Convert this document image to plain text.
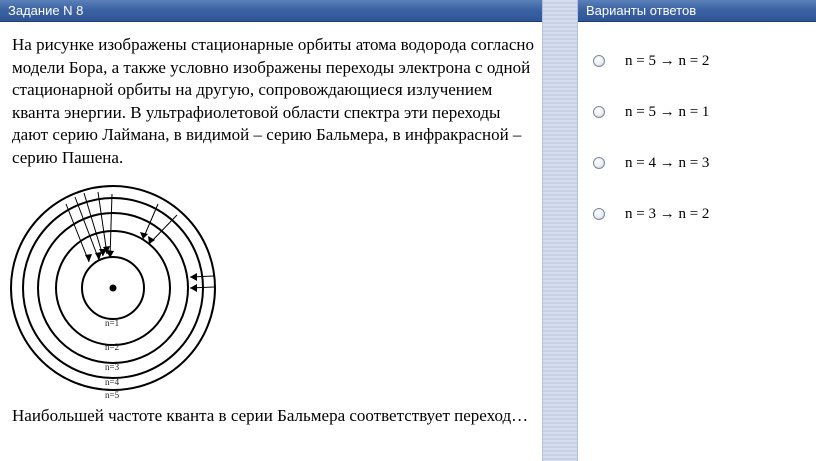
Задание N 8	Варианты ответов
На рисунке изображены стационарные орбиты атома водорода согласно модели Бора, а также условно изображены переходы электрона с одной стационарной орбиты на другую, сопровождающиеся излучением кванта энергии. В ультрафиолетовой области спектра эти переходы дают серию Лаймана, в видимой – серию Бальмера, в инфракрасной – серию Пашена.
n=1
n=2
n=3
n=4
n=5
Наибольшей частоте кванта в серии Бальмера соответствует переход…
n = 5 → n = 2
n = 5 → n = 1
n = 4 → n = 3
n = 3 → n = 2
